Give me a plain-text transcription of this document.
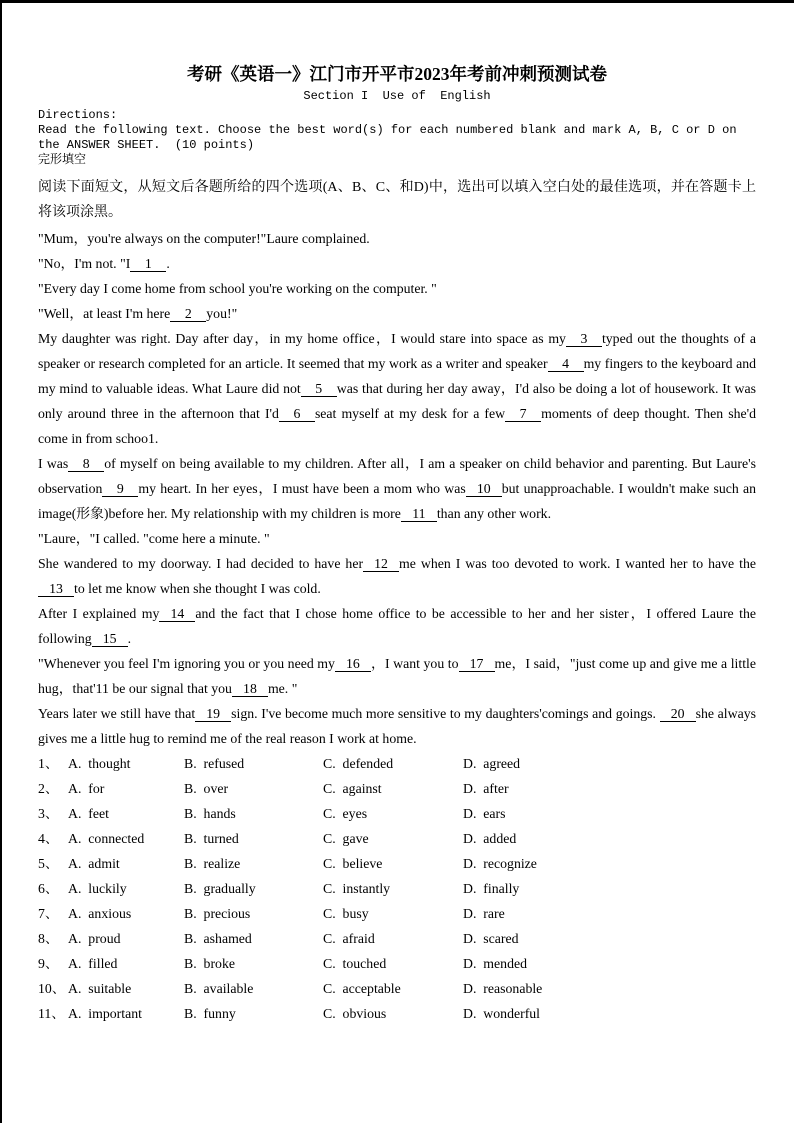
考研《英语一》江门市开平市2023年考前冲刺预测试卷
Section I  Use of  English
Directions:
Read the following text. Choose the best word(s) for each numbered blank and mark A, B, C or D on the ANSWER SHEET.  (10 points)
完形填空

阅读下面短文，从短文后各题所给的四个选项(A、B、C、和D)中，选出可以填入空白处的最佳选项，并在答题卡上将该项涂黑。

"Mum，you're always on the computer!"Laure complained.

"No，I'm not. "I 1 .

"Every day I come home from school you're working on the computer. "

"Well，at least I'm here 2 you!"

My daughter was right. Day after day，in my home office，I would stare into space as my 3 typed out the thoughts of a speaker or research completed for an article. It seemed that my work as a writer and speaker 4 my fingers to the keyboard and my mind to valuable ideas. What Laure did not 5 was that during her day away，I'd also be doing a lot of housework. It was only around three in the afternoon that I'd 6 seat myself at my desk for a few 7 moments of deep thought. Then she'd come in from schoo1.

I was 8 of myself on being available to my children. After all，I am a speaker on child behavior and parenting. But Laure's observation 9 my heart. In her eyes，I must have been a mom who was 10 but unapproachable. I wouldn't make such an image(形象)before her. My relationship with my children is more 11 than any other work.

"Laure，"I called. "come here a minute. "

She wandered to my doorway. I had decided to have her 12 me when I was too devoted to work. I wanted her to have the13 to let me know when she thought I was cold.

After I explained my 14 and the fact that I chose home office to be accessible to her and her sister，I offered Laure the following 15 .

"Whenever you feel I'm ignoring you or you need my 16 ，I want you to 17 me，I said，"just come up and give me a little hug，that'11 be our signal that you 18 me. "

Years later we still have that 19 sign. I've become much more sensitive to my daughters'comings and goings. 20 she always gives me a little hug to remind me of the real reason I work at home.

1、 A.  thought	B.  refused	C.  defended	D.  agreed
2、 A.  for	B.  over	C.  against	D.  after
3、 A.  feet	B.  hands	C.  eyes	D.  ears
4、 A.  connected	B.  turned	C.  gave	D.  added
5、 A.  admit	B.  realize	C.  believe	D.  recognize
6、 A.  luckily	B.  gradually	C.  instantly	D.  finally
7、 A.  anxious	B.  precious	C.  busy	D.  rare
8、 A.  proud	B.  ashamed	C.  afraid	D.  scared
9、 A.  filled	B.  broke	C.  touched	D.  mended
10、 A.  suitable	B.  available	C.  acceptable	D.  reasonable
11、 A.  important	B.  funny	C.  obvious	D.  wonderful
